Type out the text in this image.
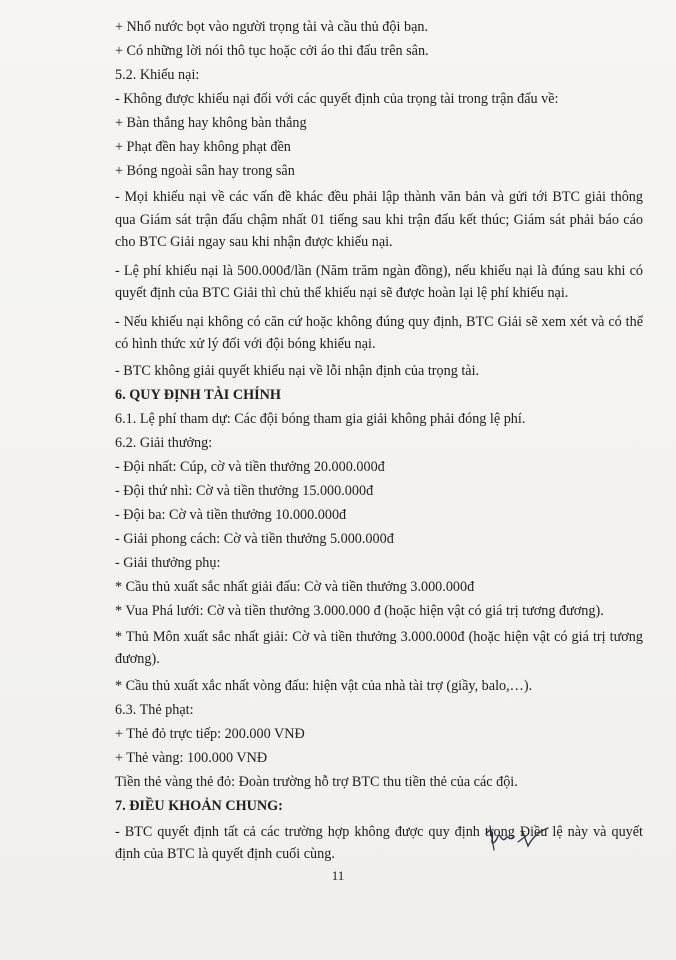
+ Nhổ nước bọt vào người trọng tài và cầu thủ đội bạn.

+ Có những lời nói thô tục hoặc cởi áo thi đấu trên sân.

5.2. Khiếu nại:

- Không được khiếu nại đối với các quyết định của trọng tài trong trận đấu về:

+ Bàn thắng hay không bàn thắng

+ Phạt đền hay không phạt đền

+ Bóng ngoài sân hay trong sân

- Mọi khiếu nại về các vấn đề khác đều phải lập thành văn bản và gửi tới BTC giải thông qua Giám sát trận đấu chậm nhất 01 tiếng sau khi trận đấu kết thúc; Giám sát phải báo cáo cho BTC Giải ngay sau khi nhận được khiếu nại.

- Lệ phí khiếu nại là 500.000đ/lần (Năm trăm ngàn đồng), nếu khiếu nại là đúng sau khi có quyết định của BTC Giải thì chủ thể khiếu nại sẽ được hoàn lại lệ phí khiếu nại.

- Nếu khiếu nại không có căn cứ hoặc không đúng quy định, BTC Giải sẽ xem xét và có thể có hình thức xử lý đối với đội bóng khiếu nại.

- BTC không giải quyết khiếu nại về lỗi nhận định của trọng tài.

6. QUY ĐỊNH TÀI CHÍNH

6.1. Lệ phí tham dự: Các đội bóng tham gia giải không phải đóng lệ phí.

6.2. Giải thưởng:

- Đội nhất: Cúp, cờ và tiền thưởng 20.000.000đ

- Đội thứ nhì: Cờ và tiền thưởng 15.000.000đ

- Đội ba: Cờ và tiền thưởng 10.000.000đ

- Giải phong cách: Cờ và tiền thưởng 5.000.000đ

- Giải thưởng phụ:

* Cầu thủ xuất sắc nhất giải đấu: Cờ và tiền thưởng 3.000.000đ

* Vua Phá lưới: Cờ và tiền thưởng 3.000.000 đ (hoặc hiện vật có giá trị tương đương).

* Thủ Môn xuất sắc nhất giải: Cờ và tiền thưởng 3.000.000đ (hoặc hiện vật có giá trị tương đương).

* Cầu thủ xuất xắc nhất vòng đấu: hiện vật của nhà tài trợ (giầy, balo,…).

6.3. Thẻ phạt:

+ Thẻ đỏ trực tiếp: 200.000 VNĐ

+ Thẻ vàng: 100.000 VNĐ

Tiền thẻ vàng thẻ đỏ: Đoàn trường hỗ trợ BTC thu tiền thẻ của các đội.

7. ĐIỀU KHOẢN CHUNG:

- BTC quyết định tất cả các trường hợp không được quy định trong Điều lệ này và quyết định của BTC là quyết định cuối cùng.

11
